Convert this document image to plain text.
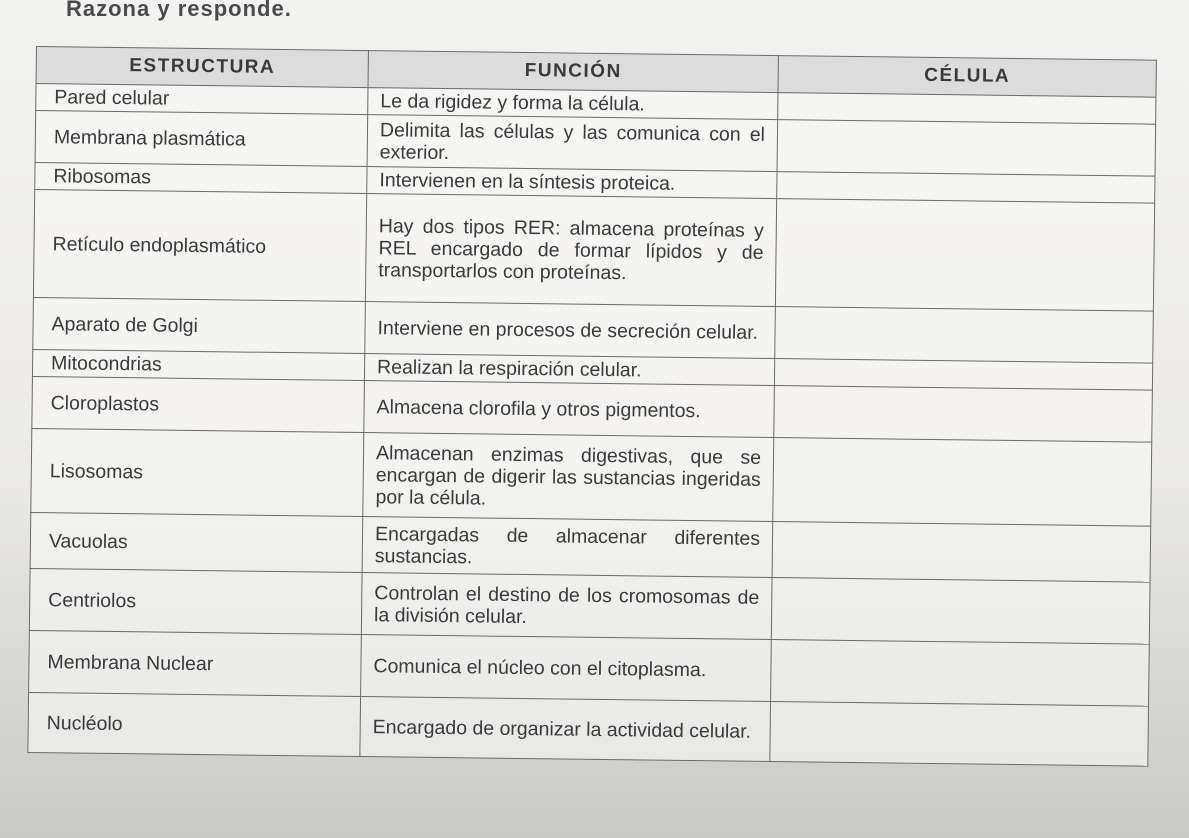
Razona y responde.
ESTRUCTURA	FUNCIÓN	CÉLULA
Pared celular	Le da rigidez y forma la célula.	
Membrana plasmática	Delimita las células y las comunica con el exterior.	
Ribosomas	Intervienen en la síntesis proteica.	
Retículo endoplasmático	Hay dos tipos RER: almacena proteínas y REL encargado de formar lípidos y de transportarlos con proteínas.	
Aparato de Golgi	Interviene en procesos de secreción celular.	
Mitocondrias	Realizan la respiración celular.	
Cloroplastos	Almacena clorofila y otros pigmentos.	
Lisosomas	Almacenan enzimas digestivas, que se encargan de digerir las sustancias ingeridas por la célula.	
Vacuolas	Encargadas de almacenar diferentes sustancias.	
Centriolos	Controlan el destino de los cromosomas de la división celular.	
Membrana Nuclear	Comunica el núcleo con el citoplasma.	
Nucléolo	Encargado de organizar la actividad celular.	
